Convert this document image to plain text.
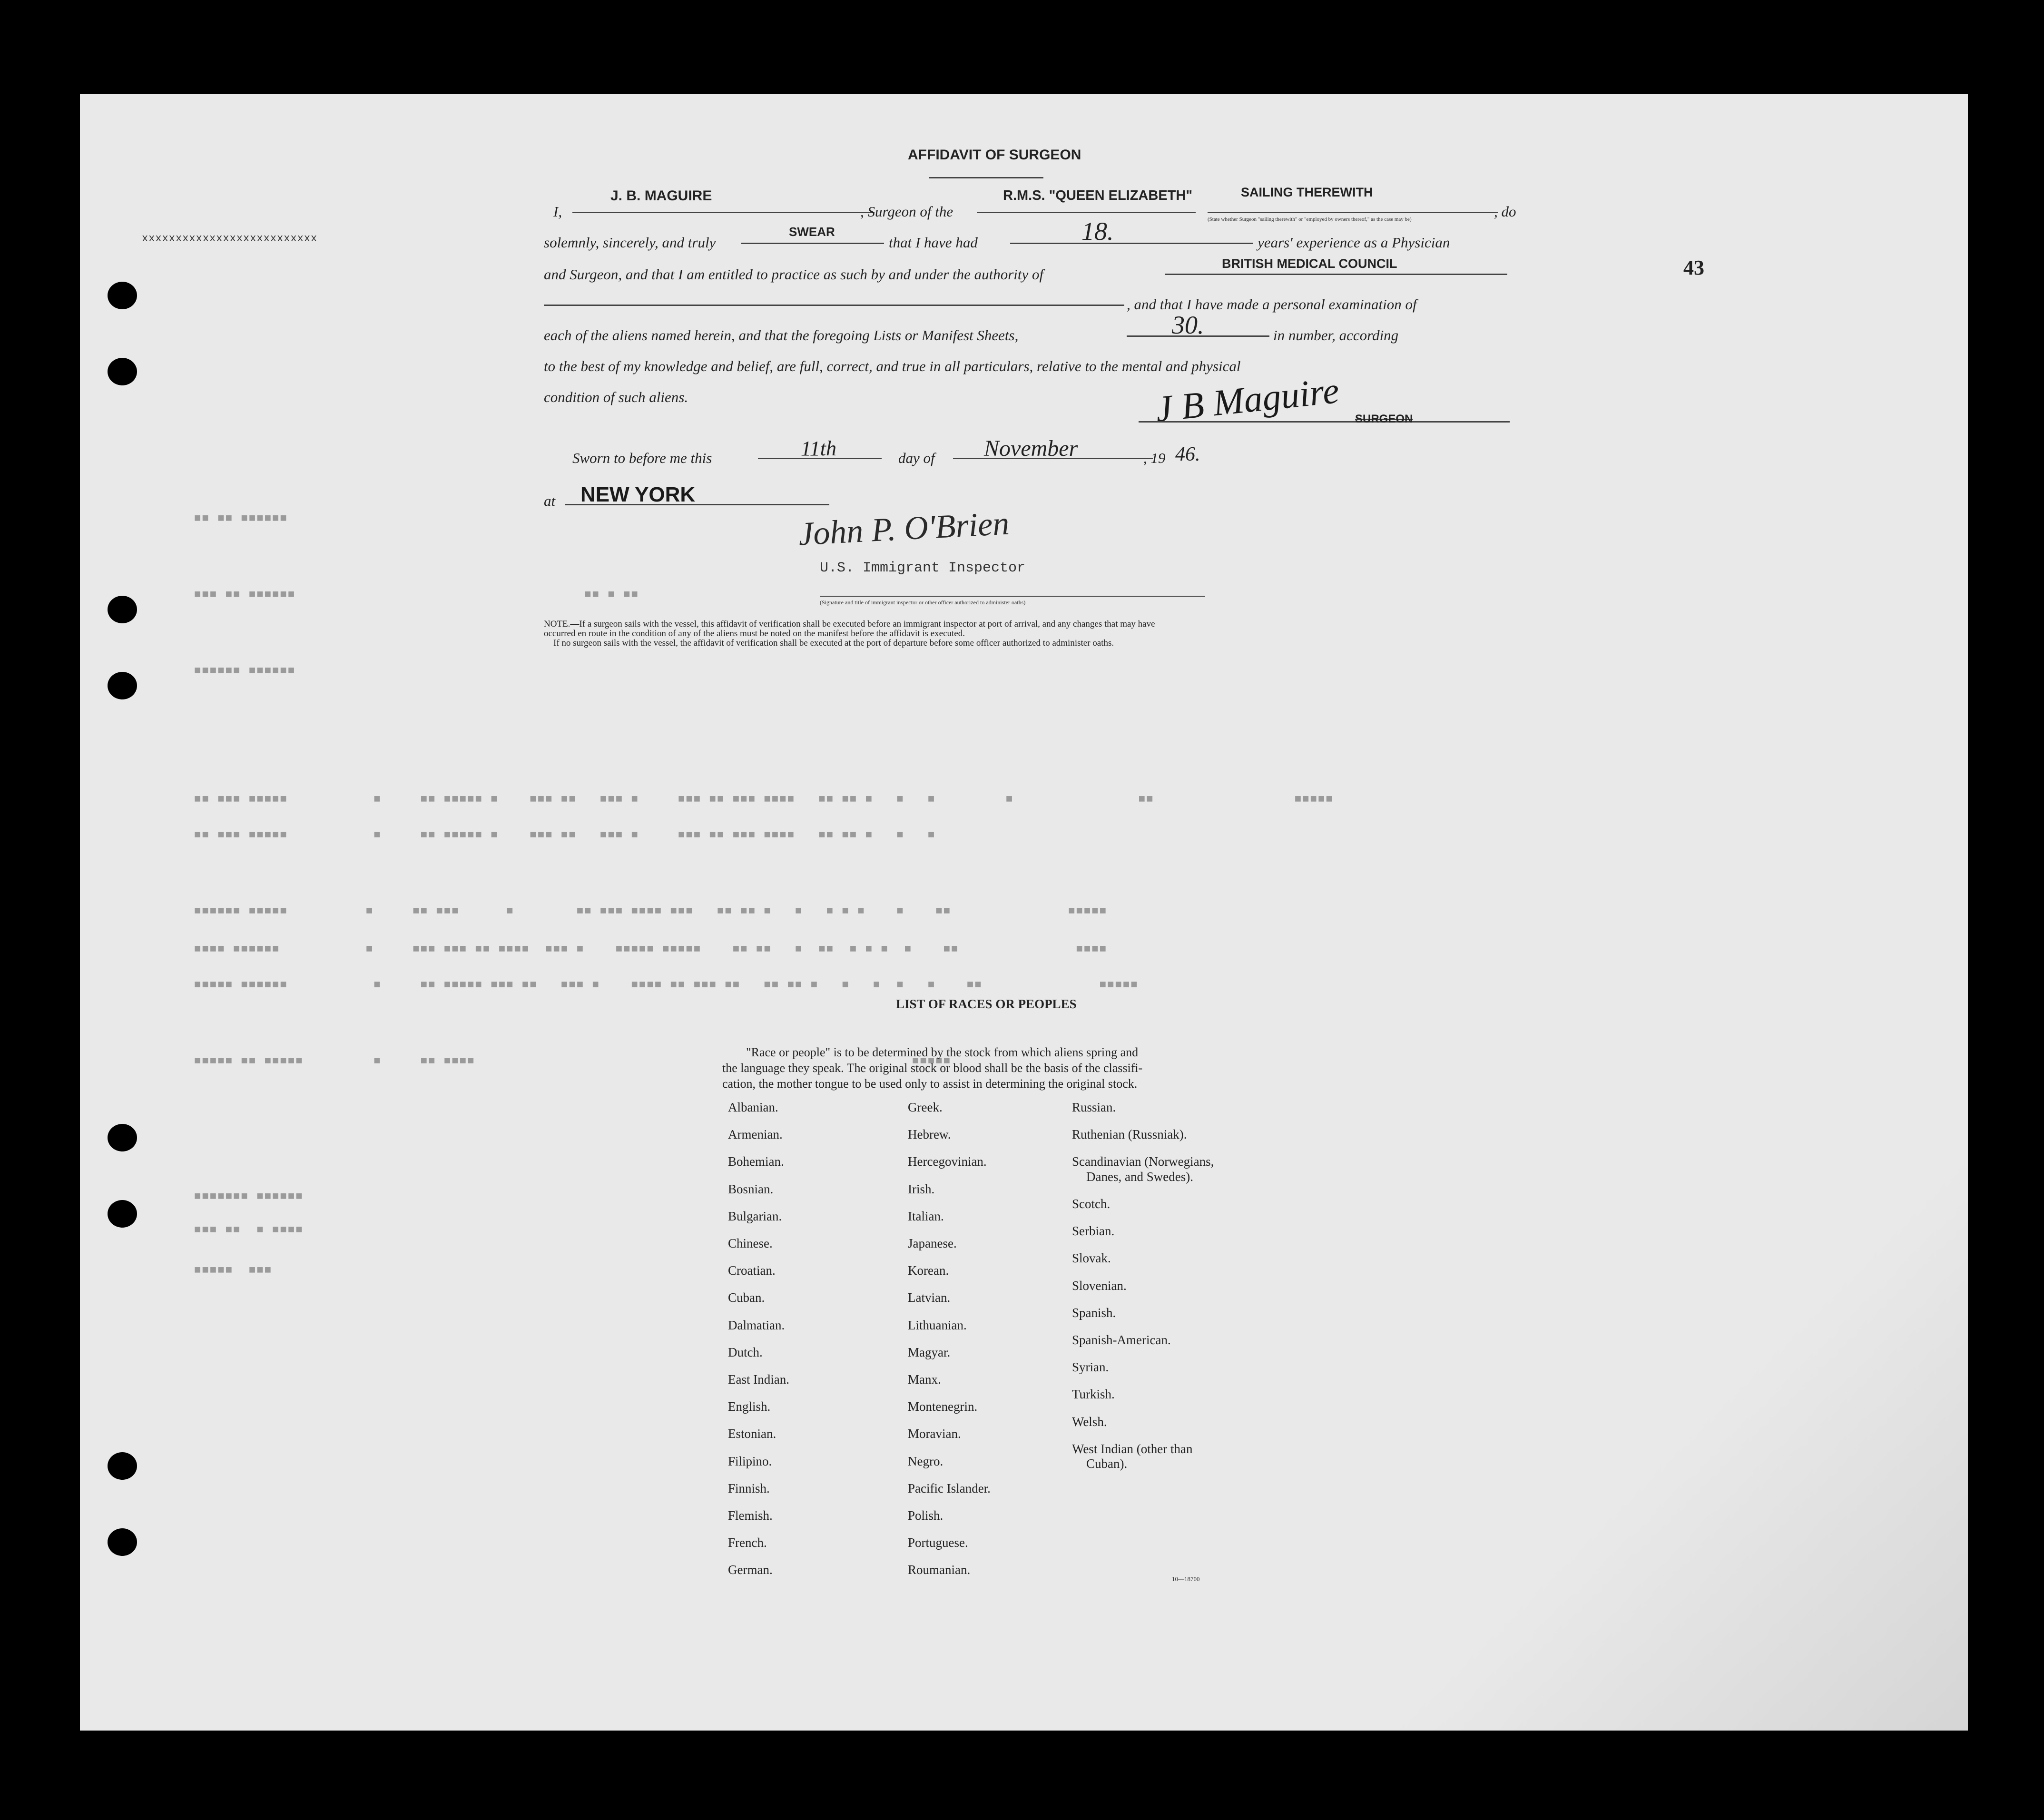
xxxxxxxxxxxxxxxxxxxxxxxxxx
AFFIDAVIT OF SURGEON
43
I,
J. B. MAGUIRE
, Surgeon of the
R.M.S. "QUEEN ELIZABETH"	SAILING THEREWITH
, do
(State whether Surgeon "sailing therewith" or "employed by owners thereof," as the case may be)
solemnly, sincerely, and truly
SWEAR
that I have had	18.	years' experience as a Physician
and Surgeon, and that I am entitled to practice as such by and under the authority of
BRITISH MEDICAL COUNCIL
, and that I have made a personal examination of
each of the aliens named herein, and that the foregoing Lists or Manifest Sheets,	30.	in number, according
to the best of my knowledge and belief, are full, correct, and true in all particulars, relative to the mental and physical
condition of such aliens.	J B Maguire SURGEON
Sworn to before me this	11th	day of November	, 19 46.
at NEW YORK
John P. O'Brien
U.S. Immigrant Inspector
(Signature and title of immigrant inspector or other officer authorized to administer oaths)
NOTE.—If a surgeon sails with the vessel, this affidavit of verification shall be executed before an immigrant inspector at port of arrival, and any changes that may have
occurred en route in the condition of any of the aliens must be noted on the manifest before the affidavit is executed.
If no surgeon sails with the vessel, the affidavit of verification shall be executed at the port of departure before some officer authorized to administer oaths.
■■ ■■ ■■■■■■
■■■ ■■ ■■■■■■                                     ■■ ■ ■■
■■■■■■ ■■■■■■
■■ ■■■ ■■■■■           ■     ■■ ■■■■■ ■    ■■■ ■■   ■■■ ■     ■■■ ■■ ■■■ ■■■■   ■■ ■■ ■   ■   ■         ■                ■■                  ■■■■■
■■ ■■■ ■■■■■           ■     ■■ ■■■■■ ■    ■■■ ■■   ■■■ ■     ■■■ ■■ ■■■ ■■■■   ■■ ■■ ■   ■   ■
■■■■■■ ■■■■■          ■     ■■ ■■■      ■        ■■ ■■■ ■■■■ ■■■   ■■ ■■ ■   ■   ■ ■ ■    ■    ■■               ■■■■■
■■■■ ■■■■■■           ■     ■■■ ■■■ ■■ ■■■■  ■■■ ■    ■■■■■ ■■■■■    ■■ ■■   ■  ■■  ■ ■ ■  ■    ■■               ■■■■
■■■■■ ■■■■■■           ■     ■■ ■■■■■ ■■■ ■■   ■■■ ■    ■■■■ ■■ ■■■ ■■   ■■ ■■ ■   ■   ■  ■   ■    ■■               ■■■■■
■■■■■ ■■ ■■■■■         ■     ■■ ■■■■                                                        ■■■■■
■■■■■■■ ■■■■■■
■■■ ■■  ■ ■■■■
■■■■■  ■■■
LIST OF RACES OR PEOPLES
"Race or people" is to be determined by the stock from which aliens spring and
the language they speak. The original stock or blood shall be the basis of the classifi-
cation, the mother tongue to be used only to assist in determining the original stock.
Albanian.
Armenian.
Bohemian.
Bosnian.
Bulgarian.
Chinese.
Croatian.
Cuban.
Dalmatian.
Dutch.
East Indian.
English.
Estonian.
Filipino.
Finnish.
Flemish.
French.
German.
Greek.
Hebrew.
Hercegovinian.
Irish.
Italian.
Japanese.
Korean.
Latvian.
Lithuanian.
Magyar.
Manx.
Montenegrin.
Moravian.
Negro.
Pacific Islander.
Polish.
Portuguese.
Roumanian.
Russian.
Ruthenian (Russniak).
Scandinavian (Norwegians,
Danes, and Swedes).
Scotch.
Serbian.
Slovak.
Slovenian.
Spanish.
Spanish-American.
Syrian.
Turkish.
Welsh.
West Indian (other than
Cuban).
10—18700
